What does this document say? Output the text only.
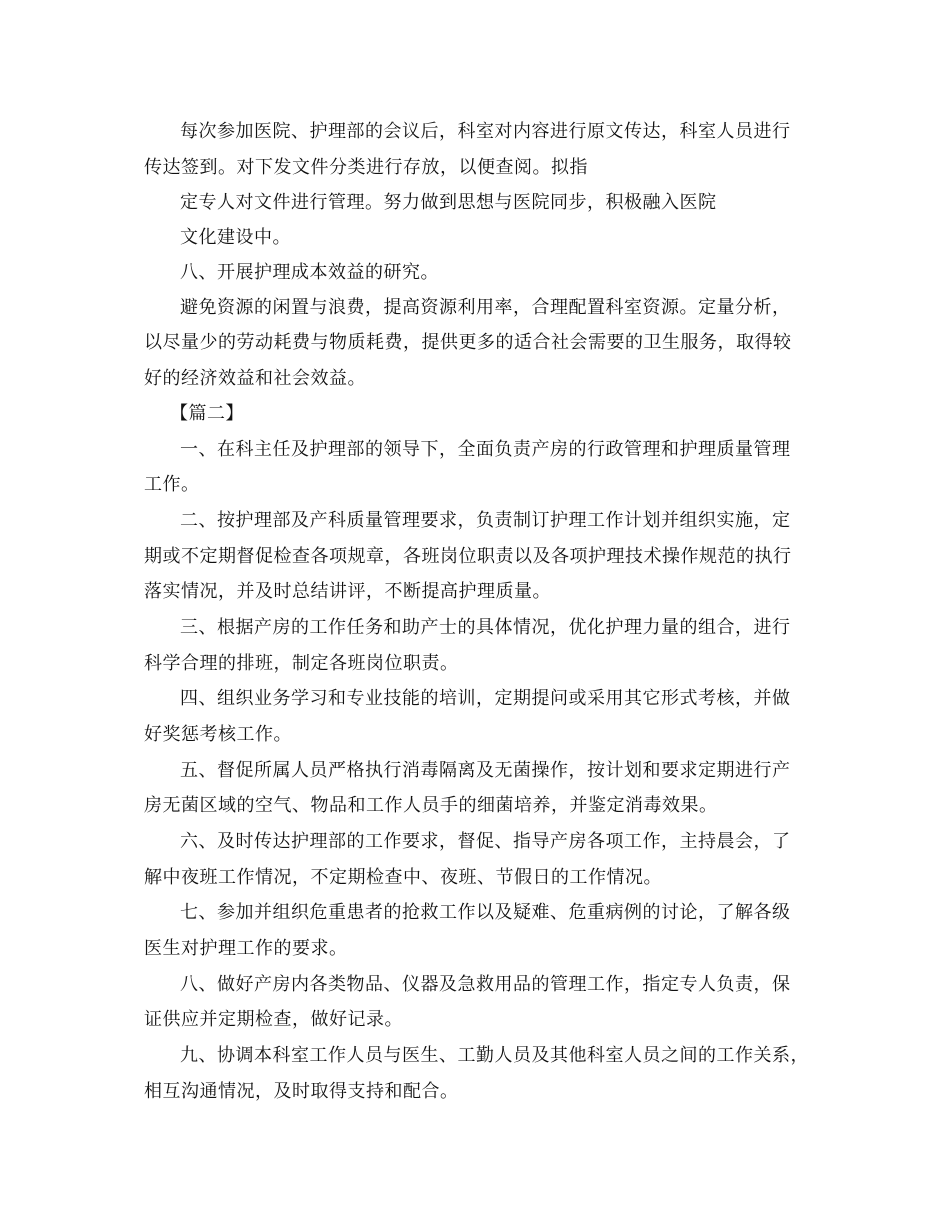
每次参加医院、护理部的会议后，科室对内容进行原文传达，科室人员进行
传达签到。对下发文件分类进行存放，以便查阅。拟指
定专人对文件进行管理。努力做到思想与医院同步，积极融入医院
文化建设中。
八、开展护理成本效益的研究。
避免资源的闲置与浪费，提高资源利用率，合理配置科室资源。定量分析，
以尽量少的劳动耗费与物质耗费，提供更多的适合社会需要的卫生服务，取得较
好的经济效益和社会效益。
【篇二】
一、在科主任及护理部的领导下，全面负责产房的行政管理和护理质量管理
工作。
二、按护理部及产科质量管理要求，负责制订护理工作计划并组织实施，定
期或不定期督促检查各项规章，各班岗位职责以及各项护理技术操作规范的执行
落实情况，并及时总结讲评，不断提高护理质量。
三、根据产房的工作任务和助产士的具体情况，优化护理力量的组合，进行
科学合理的排班，制定各班岗位职责。
四、组织业务学习和专业技能的培训，定期提问或采用其它形式考核，并做
好奖惩考核工作。
五、督促所属人员严格执行消毒隔离及无菌操作，按计划和要求定期进行产
房无菌区域的空气、物品和工作人员手的细菌培养，并鉴定消毒效果。
六、及时传达护理部的工作要求，督促、指导产房各项工作，主持晨会，了
解中夜班工作情况，不定期检查中、夜班、节假日的工作情况。
七、参加并组织危重患者的抢救工作以及疑难、危重病例的讨论，了解各级
医生对护理工作的要求。
八、做好产房内各类物品、仪器及急救用品的管理工作，指定专人负责，保
证供应并定期检查，做好记录。
九、协调本科室工作人员与医生、工勤人员及其他科室人员之间的工作关系，
相互沟通情况，及时取得支持和配合。
